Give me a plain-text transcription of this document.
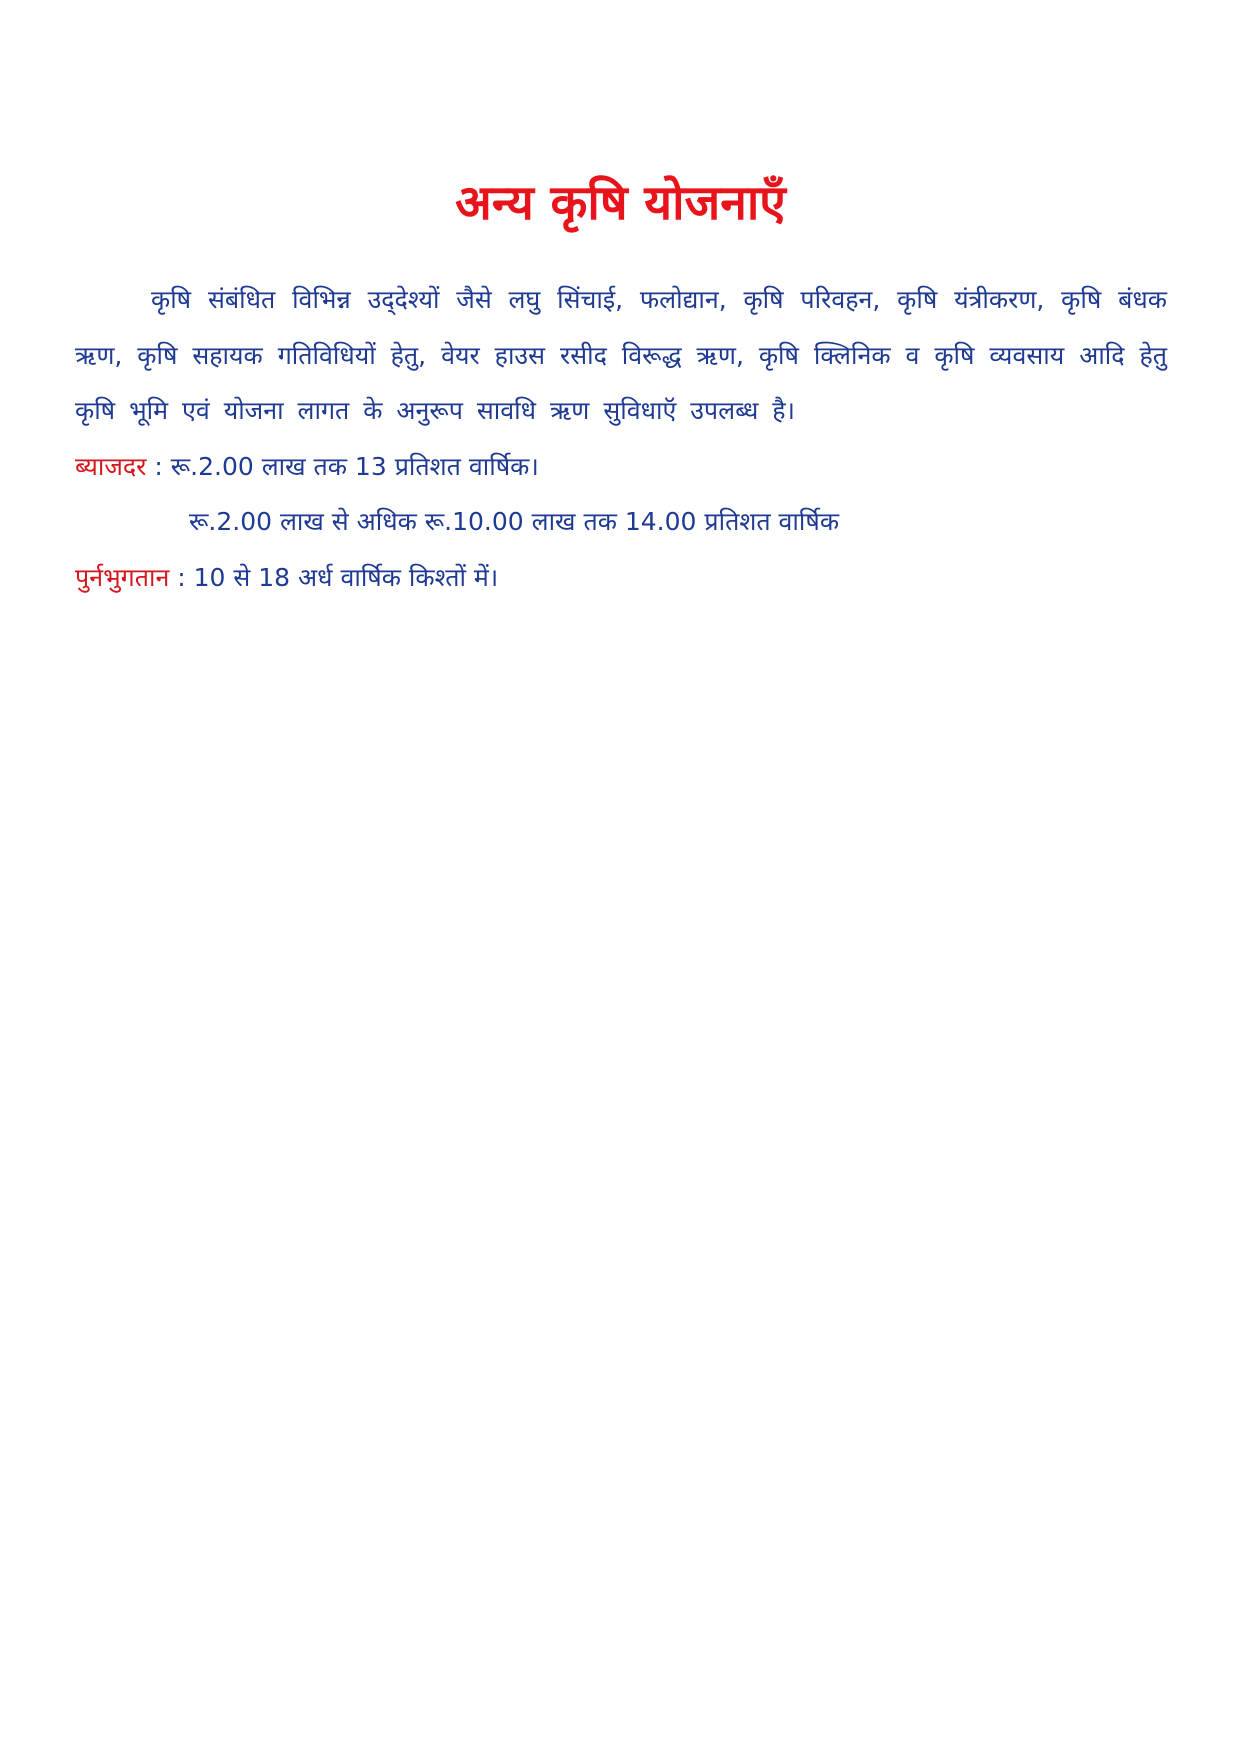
अन्य कृषि योजनाएँ

कृषि संबंधित विभिन्न उद्‌देश्यों जैसे लघु सिंचाई, फलोद्यान, कृषि परिवहन, कृषि यंत्रीकरण, कृषि बंधक ऋण, कृषि सहायक गतिविधियों हेतु, वेयर हाउस रसीद विरूद्ध ऋण, कृषि क्लिनिक व कृषि व्यवसाय आदि हेतु कृषि भूमि एवं योजना लागत के अनुरूप सावधि ऋण सुविधाऍ उपलब्ध है।

ब्याजदर : रू.2.00 लाख तक 13 प्रतिशत वार्षिक।

रू.2.00 लाख से अधिक रू.10.00 लाख तक 14.00 प्रतिशत वार्षिक

पुर्नभुगतान : 10 से 18 अर्ध वार्षिक किश्तों में।
